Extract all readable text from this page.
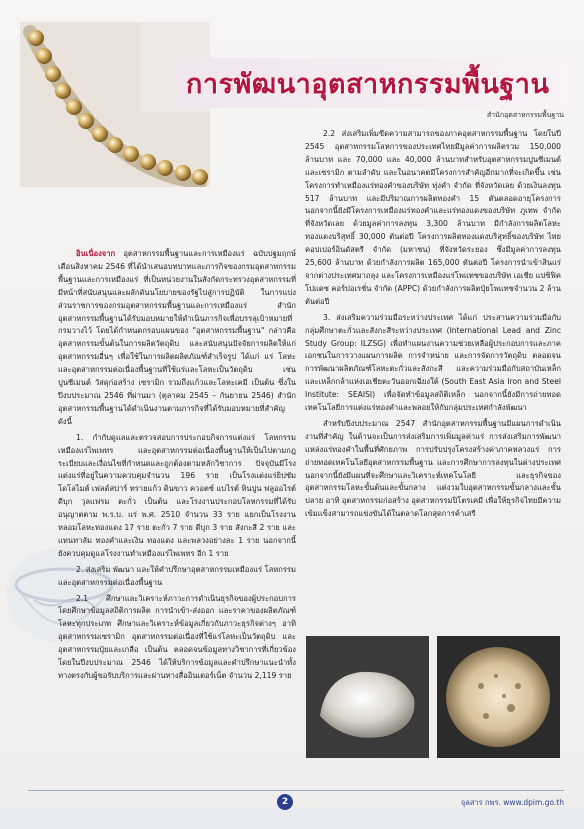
การพัฒนาอุตสาหกรรมพื้นฐาน
สำนักอุตสาหกรรมพื้นฐาน

อินเนื่องจาก อุตสาหกรรมพื้นฐานและการเหมืองแร่ ฉบับปฐมฤกษ์ เดือนสิงหาคม 2546 ที่ได้นำเสนอบทบาทและภารกิจของกรมอุตสาหกรรมพื้นฐานและการเหมืองแร่ ที่เป็นหน่วยงานในสังกัดกระทรวงอุตสาหกรรมที่มีหน้าที่สนับสนุนและผลักดันนโยบายของรัฐไปสู่การปฏิบัติ ในการแบ่งส่วนราชการของกรมอุตสาหกรรมพื้นฐานและการเหมืองแร่ สำนักอุตสาหกรรมพื้นฐานได้รับมอบหมายให้ดำเนินภารกิจเพื่อบรรลุเป้าหมายที่กรมวางไว้ โดยได้กำหนดกรอบแผนของ "อุตสาหกรรมพื้นฐาน" กล่าวคือ อุตสาหกรรมขั้นต้นในการผลิตวัตถุดิบ และสนับสนุนปัจจัยการผลิตให้แก่อุตสาหกรรมอื่นๆ เพื่อใช้ในการผลิตผลิตภัณฑ์สำเร็จรูป ได้แก่ แร่ โลหะ และอุตสาหกรรมต่อเนื่องพื้นฐานที่ใช้แร่และโลหะเป็นวัตถุดิบ เช่น ปูนซีเมนต์ วัสดุก่อสร้าง เซรามิก รวมถึงแก้วและโลหะเคมี เป็นต้น ซึ่งในปีงบประมาณ 2546 ที่ผ่านมา (ตุลาคม 2545 – กันยายน 2546) สำนักอุตสาหกรรมพื้นฐานได้ดำเนินงานตามภารกิจที่ได้รับมอบหมายที่สำคัญดังนี้

1. กำกับดูแลและตรวจสอบการประกอบกิจการแต่งแร่ โลหกรรม เหมืองแร่ไพเพทร และอุตสาหกรรมต่อเนื่องพื้นฐานให้เป็นไปตามกฎระเบียบและเงื่อนไขที่กำหนดและถูกต้องตามหลักวิชาการ ปัจจุบันมีโรงแต่งแร่ที่อยู่ในความควบคุมจำนวน 196 ราย เป็นโรงแต่งแร่ยิปซัม โดโลไมต์ เฟลด์สปาร์ ทรายแก้ว ดินขาว ควอตซ์ แบไรต์ หินปูน ฟลูออไรต์ ดีบุก วุลแฟรม ตะกั่ว เป็นต้น และโรงงานประกอบโลหกรรมที่ได้รับอนุญาตตาม พ.ร.บ. แร่ พ.ศ. 2510 จำนวน 33 ราย แยกเป็นโรงงานหลอมโลหะทองแดง 17 ราย ตะกั่ว 7 ราย ดีบุก 3 ราย สังกะสี 2 ราย และแทนทาลัม ทองคำและเงิน ทองแดง และพลวงอย่างละ 1 ราย นอกจากนี้ยังควบคุมดูแลโรงงานทำเหมืองแร่ไพเพทร อีก 1 ราย

2. ส่งเสริม พัฒนา และให้คำปรึกษาอุตสาหกรรมเหมืองแร่ โลหกรรม และอุตสาหกรรมต่อเนื่องพื้นฐาน

2.1 ศึกษาและวิเคราะห์ภาวะการดำเนินธุรกิจของผู้ประกอบการ โดยศึกษาข้อมูลสถิติการผลิต การนำเข้า-ส่งออก และราคาของผลิตภัณฑ์โลหะทุกประเภท ศึกษาและวิเคราะห์ข้อมูลเกี่ยวกับภาวะธุรกิจต่างๆ อาทิ อุตสาหกรรมเซรามิก อุตสาหกรรมต่อเนื่องที่ใช้แร่โลหะเป็นวัตถุดิบ และอุตสาหกรรมปุ๋ยและเกลือ เป็นต้น ตลอดจนข้อมูลทางวิชาการที่เกี่ยวข้อง โดยในปีงบประมาณ 2546 ได้ให้บริการข้อมูลและคำปรึกษาแนะนำทั้งทางตรงกับผู้ขอรับบริการและผ่านทางสื่ออินเตอร์เน็ต จำนวน 2,119 ราย

2.2 ส่งเสริมเพิ่มขีดความสามารถของภาคอุตสาหกรรมพื้นฐาน โดยในปี 2545 อุตสาหกรรมโลหการของประเทศไทยมีมูลค่าการผลิตรวม 150,000 ล้านบาท และ 70,000 และ 40,000 ล้านบาทสำหรับอุตสาหกรรมปูนซีเมนต์และเซรามิก ตามลำดับ และในอนาคตมีโครงการสำคัญอีกมากที่จะเกิดขึ้น เช่น โครงการทำเหมืองแร่ทองคำของบริษัท ทุ่งคำ จำกัด ที่จังหวัดเลย ด้วยเงินลงทุน 517 ล้านบาท และมีปริมาณการผลิตทองคำ 15 ตันตลอดอายุโครงการ นอกจากนี้ยังมีโครงการเหมืองแร่ทองคำและแร่ทองแดงของบริษัท ภูเทพ จำกัด ที่จังหวัดเลย ด้วยมูลค่าการลงทุน 3,300 ล้านบาท มีกำลังการผลิตโลหะทองแดงบริสุทธิ์ 30,000 ตันต่อปี โครงการผลิตทองแดงบริสุทธิ์ของบริษัท ไทยคอปเปอร์อินดัสตรี จำกัด (มหาชน) ที่จังหวัดระยอง ซึ่งมีมูลค่าการลงทุน 25,600 ล้านบาท ด้วยกำลังการผลิต 165,000 ตันต่อปี โครงการนำเข้าสินแร่จากต่างประเทศมาถลุง และโครงการเหมืองแร่โพแทชของบริษัท เอเชีย แปซิฟิค โปแตช คอร์ปอเรชั่น จำกัด (APPC) ด้วยกำลังการผลิตปุ๋ยโพแทชจำนวน 2 ล้านตันต่อปี

3. ส่งเสริมความร่วมมือระหว่างประเทศ ได้แก่ ประสานความร่วมมือกับกลุ่มศึกษาตะกั่วและสังกะสีระหว่างประเทศ (International Lead and Zinc Study Group: ILZSG) เพื่อทำแผนงานความช่วยเหลือผู้ประกอบการและภาคเอกชนในการวางแผนการผลิต การจำหน่าย และการจัดการวัตถุดิบ ตลอดจนการพัฒนาผลิตภัณฑ์โลหะตะกั่วและสังกะสี และความร่วมมือกับสถาบันเหล็กและเหล็กกล้าแห่งเอเชียตะวันออกเฉียงใต้ (South East Asia Iron and Steel Institute: SEAISI) เพื่อจัดทำข้อมูลสถิติเหล็ก นอกจากนี้ยังมีการถ่ายทอดเทคโนโลยีการแต่งแร่ทองคำและพลอยให้กับกลุ่มประเทศกำลังพัฒนา

สำหรับปีงบประมาณ 2547 สำนักอุตสาหกรรมพื้นฐานมีแผนการดำเนินงานที่สำคัญ ในด้านจะเป็นการส่งเสริมการเพิ่มมูลค่าแร่ การส่งเสริมการพัฒนาแหล่งแร่ทองคำในพื้นที่ศักยภาพ การปรับปรุงโครงสร้างค่าภาคหลวงแร่ การถ่ายทอดเทคโนโลยีอุตสาหกรรมพื้นฐาน และการศึกษาการลงทุนในต่างประเทศ นอกจากนี้ยังมีแผนที่จะศึกษาและวิเคราะห์เทคโนโลยี และธุรกิจของอุตสาหกรรมโลหะขั้นต้นและขั้นกลาง แต่งวมใบอุตสาหกรรมขั้นกลางและขั้นปลาย อาทิ อุตสาหกรรมก่อสร้าง อุตสาหกรรมปิโตรเคมี เพื่อให้ธุรกิจไทยมีความเข้มแข็งสามารถแข่งขันได้ในตลาดโลกสุดการค้าเสรี

2	จุลสาร กพร. www.dpim.go.th
